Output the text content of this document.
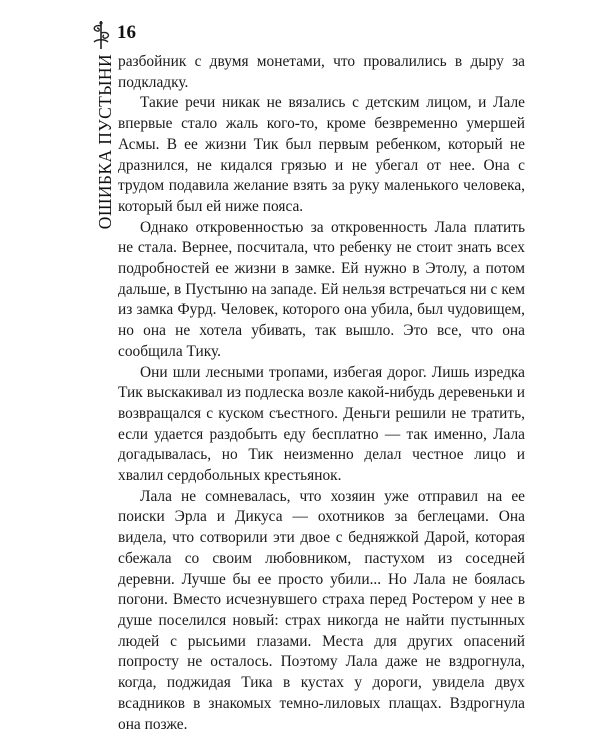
16
ОШИБКА ПУСТЫНИ разбойник с двумя монетами, что провалились в дыру за подкладку.

Такие речи никак не вязались с детским лицом, и Лале впервые стало жаль кого-то, кроме безвременно умершей Асмы. В ее жизни Тик был первым ребенком, который не дразнился, не кидался грязью и не убегал от нее. Она с трудом подавила желание взять за руку маленького человека, который был ей ниже пояса.

Однако откровенностью за откровенность Лала платить не стала. Вернее, посчитала, что ребенку не стоит знать всех подробностей ее жизни в замке. Ей нужно в Этолу, а потом дальше, в Пустыню на западе. Ей нельзя встречаться ни с кем из замка Фурд. Человек, которого она убила, был чудовищем, но она не хотела убивать, так вышло. Это все, что она сообщила Тику.

Они шли лесными тропами, избегая дорог. Лишь изредка Тик выскакивал из подлеска возле какой-нибудь деревеньки и возвращался с куском съестного. Деньги решили не тратить, если удается раздобыть еду бесплатно — так именно, Лала догадывалась, но Тик неизменно делал честное лицо и хвалил сердобольных крестьянок.

Лала не сомневалась, что хозяин уже отправил на ее поиски Эрла и Дикуса — охотников за беглецами. Она видела, что сотворили эти двое с бедняжкой Дарой, которая сбежала со своим любовником, пастухом из соседней деревни. Лучше бы ее просто убили... Но Лала не боялась погони. Вместо исчезнувшего страха перед Ростером у нее в душе поселился новый: страх никогда не найти пустынных людей с рысьими глазами. Места для других опасений попросту не осталось. Поэтому Лала даже не вздрогнула, когда, поджидая Тика в кустах у дороги, увидела двух всадников в знакомых темно-лиловых плащах. Вздрогнула она позже.
